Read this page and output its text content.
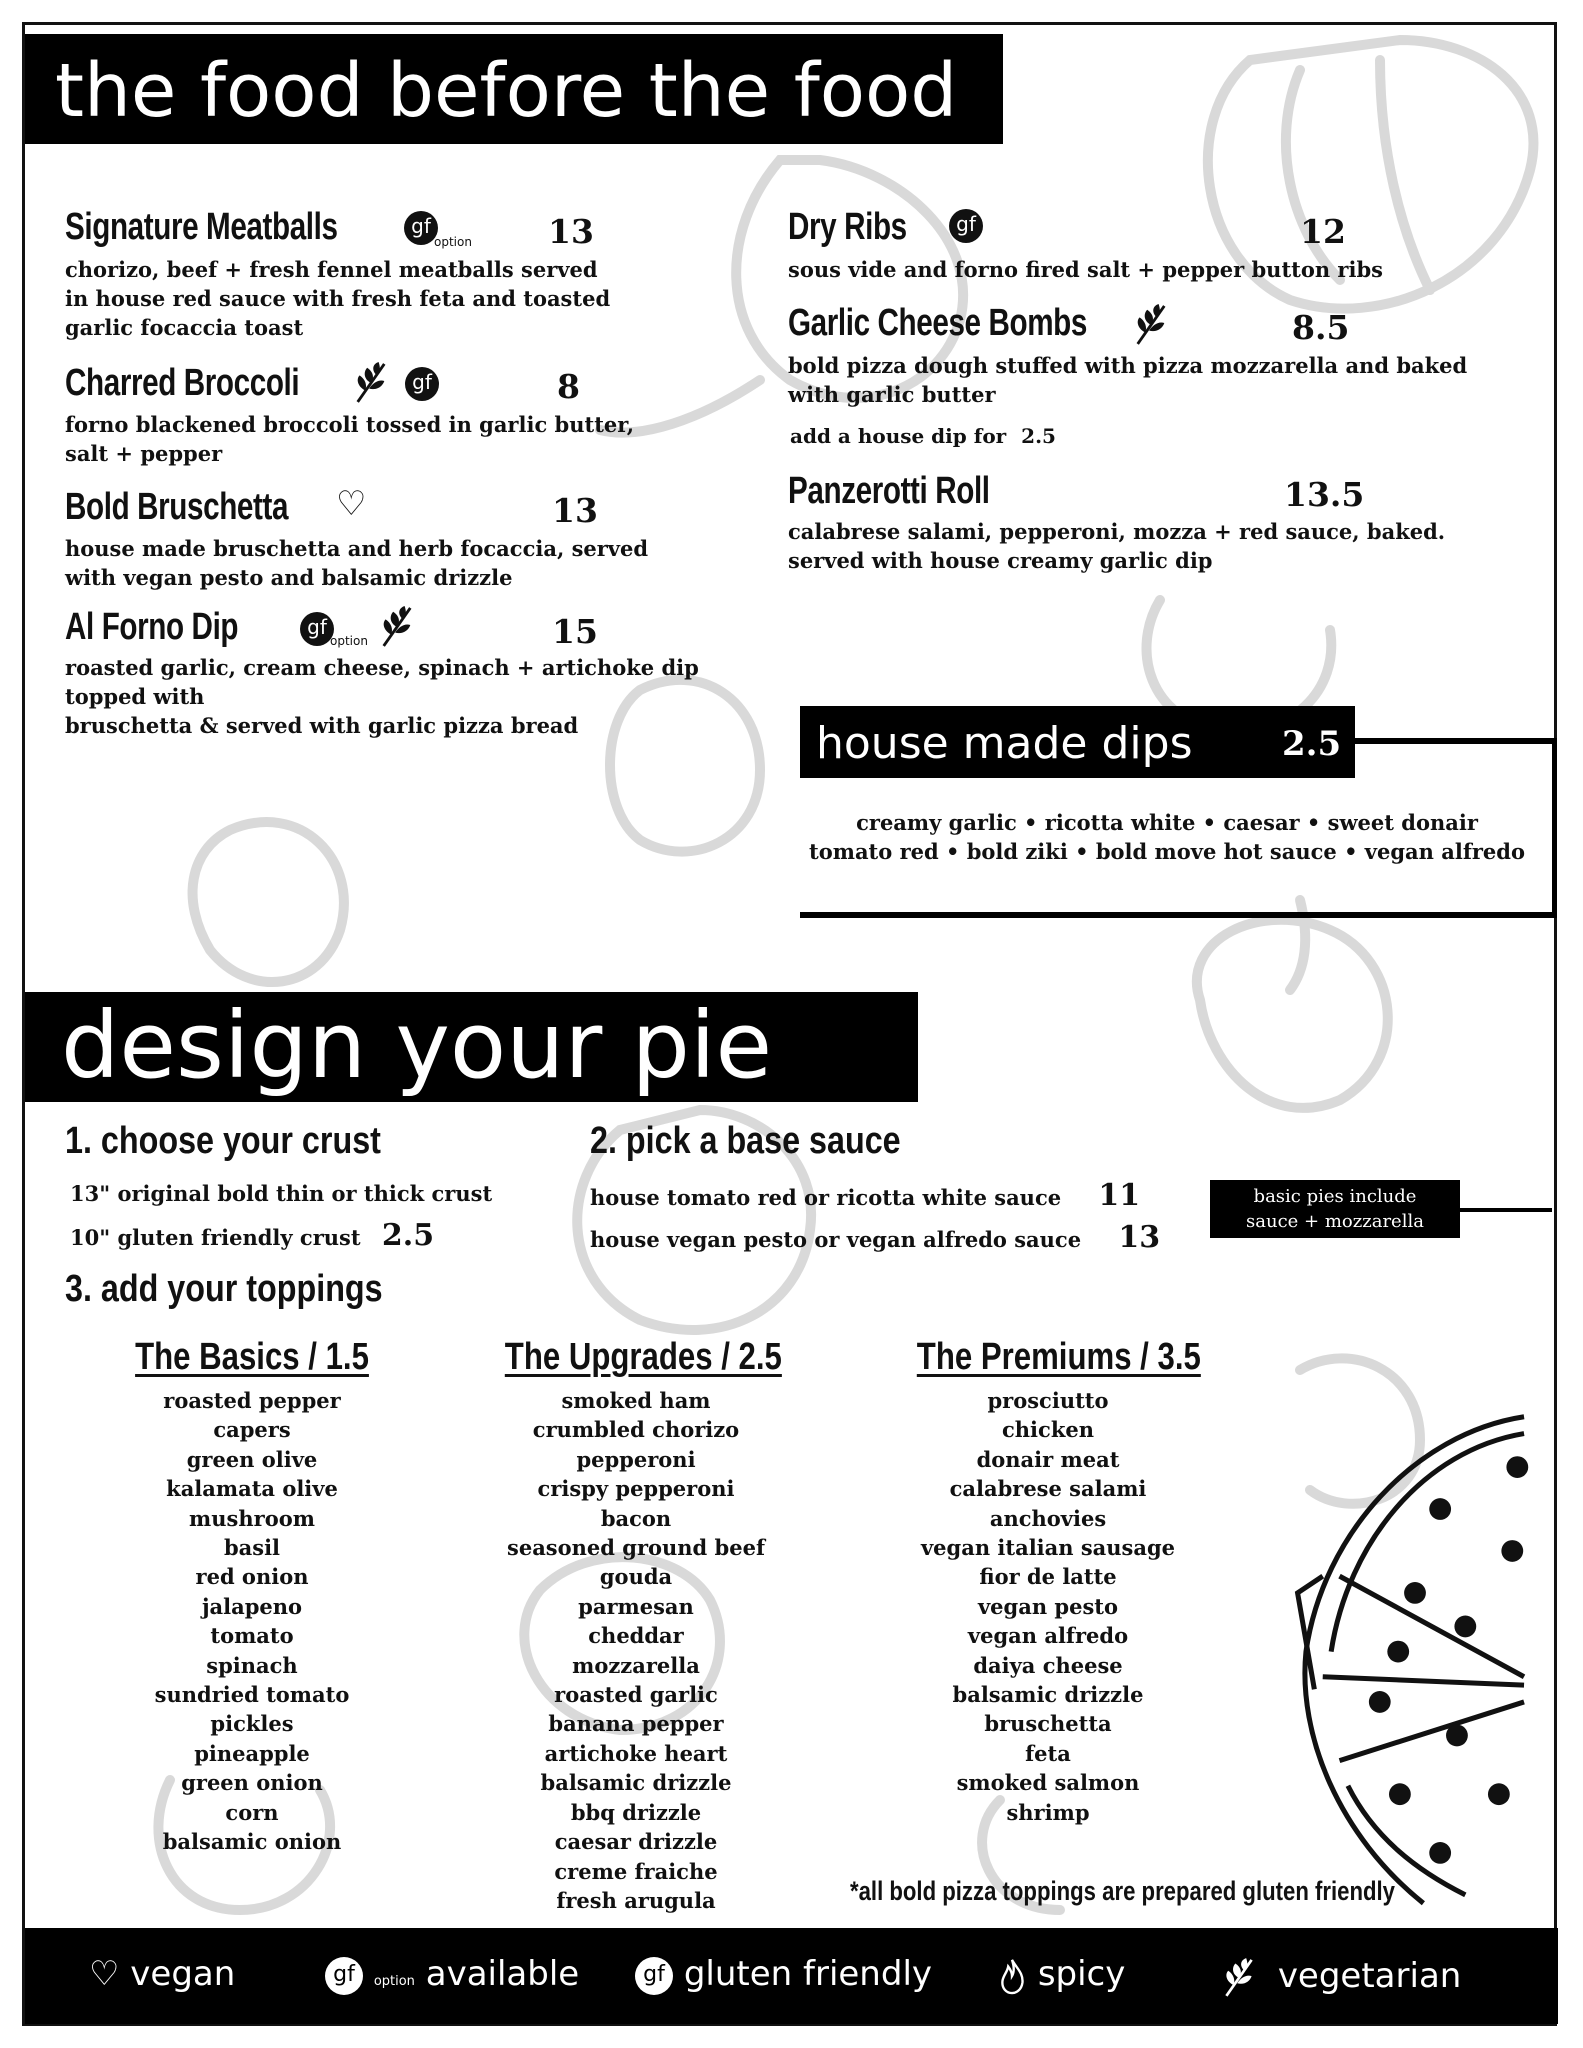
the food before the food
Signature Meatballs	gf
option 13
chorizo, beef + fresh fennel meatballs served
in house red sauce with fresh feta and toasted
garlic focaccia toast
Charred Broccoli	gf	8
forno blackened broccoli tossed in garlic butter,
salt + pepper
Bold Bruschetta ♡	13
house made bruschetta and herb focaccia, served
with vegan pesto and balsamic drizzle
Al Forno Dip	gf
option	15
roasted garlic, cream cheese, spinach + artichoke dip
topped with
bruschetta & served with garlic pizza bread
Dry Ribs	gf	12
sous vide and forno fired salt + pepper button ribs
Garlic Cheese Bombs	8.5
bold pizza dough stuffed with pizza mozzarella and baked
with garlic butter
add a house dip for 2.5
Panzerotti Roll	13.5
calabrese salami, pepperoni, mozza + red sauce, baked.
served with house creamy garlic dip
house made dips	2.5
creamy garlic • ricotta white • caesar • sweet donair
tomato red • bold ziki • bold move hot sauce • vegan alfredo
design your pie
1. choose your crust
13" original bold thin or thick crust
10" gluten friendly crust 2.5
2. pick a base sauce
house tomato red or ricotta white sauce 11
house vegan pesto or vegan alfredo sauce 13
basic pies include
sauce + mozzarella
3. add your toppings
The Basics / 1.5	The Upgrades / 2.5	The Premiums / 3.5
roasted pepper
capers
green olive
kalamata olive
mushroom
basil
red onion
jalapeno
tomato
spinach
sundried tomato
pickles
pineapple
green onion
corn
balsamic onion
smoked ham
crumbled chorizo
pepperoni
crispy pepperoni
bacon
seasoned ground beef
gouda
parmesan
cheddar
mozzarella
roasted garlic
banana pepper
artichoke heart
balsamic drizzle
bbq drizzle
caesar drizzle
creme fraiche
fresh arugula
prosciutto
chicken
donair meat
calabrese salami
anchovies
vegan italian sausage
fior de latte
vegan pesto
vegan alfredo
daiya cheese
balsamic drizzle
bruschetta
feta
smoked salmon
shrimp
*all bold pizza toppings are prepared gluten friendly
♡ vegan	gf option available	gf gluten friendly	spicy	vegetarian
